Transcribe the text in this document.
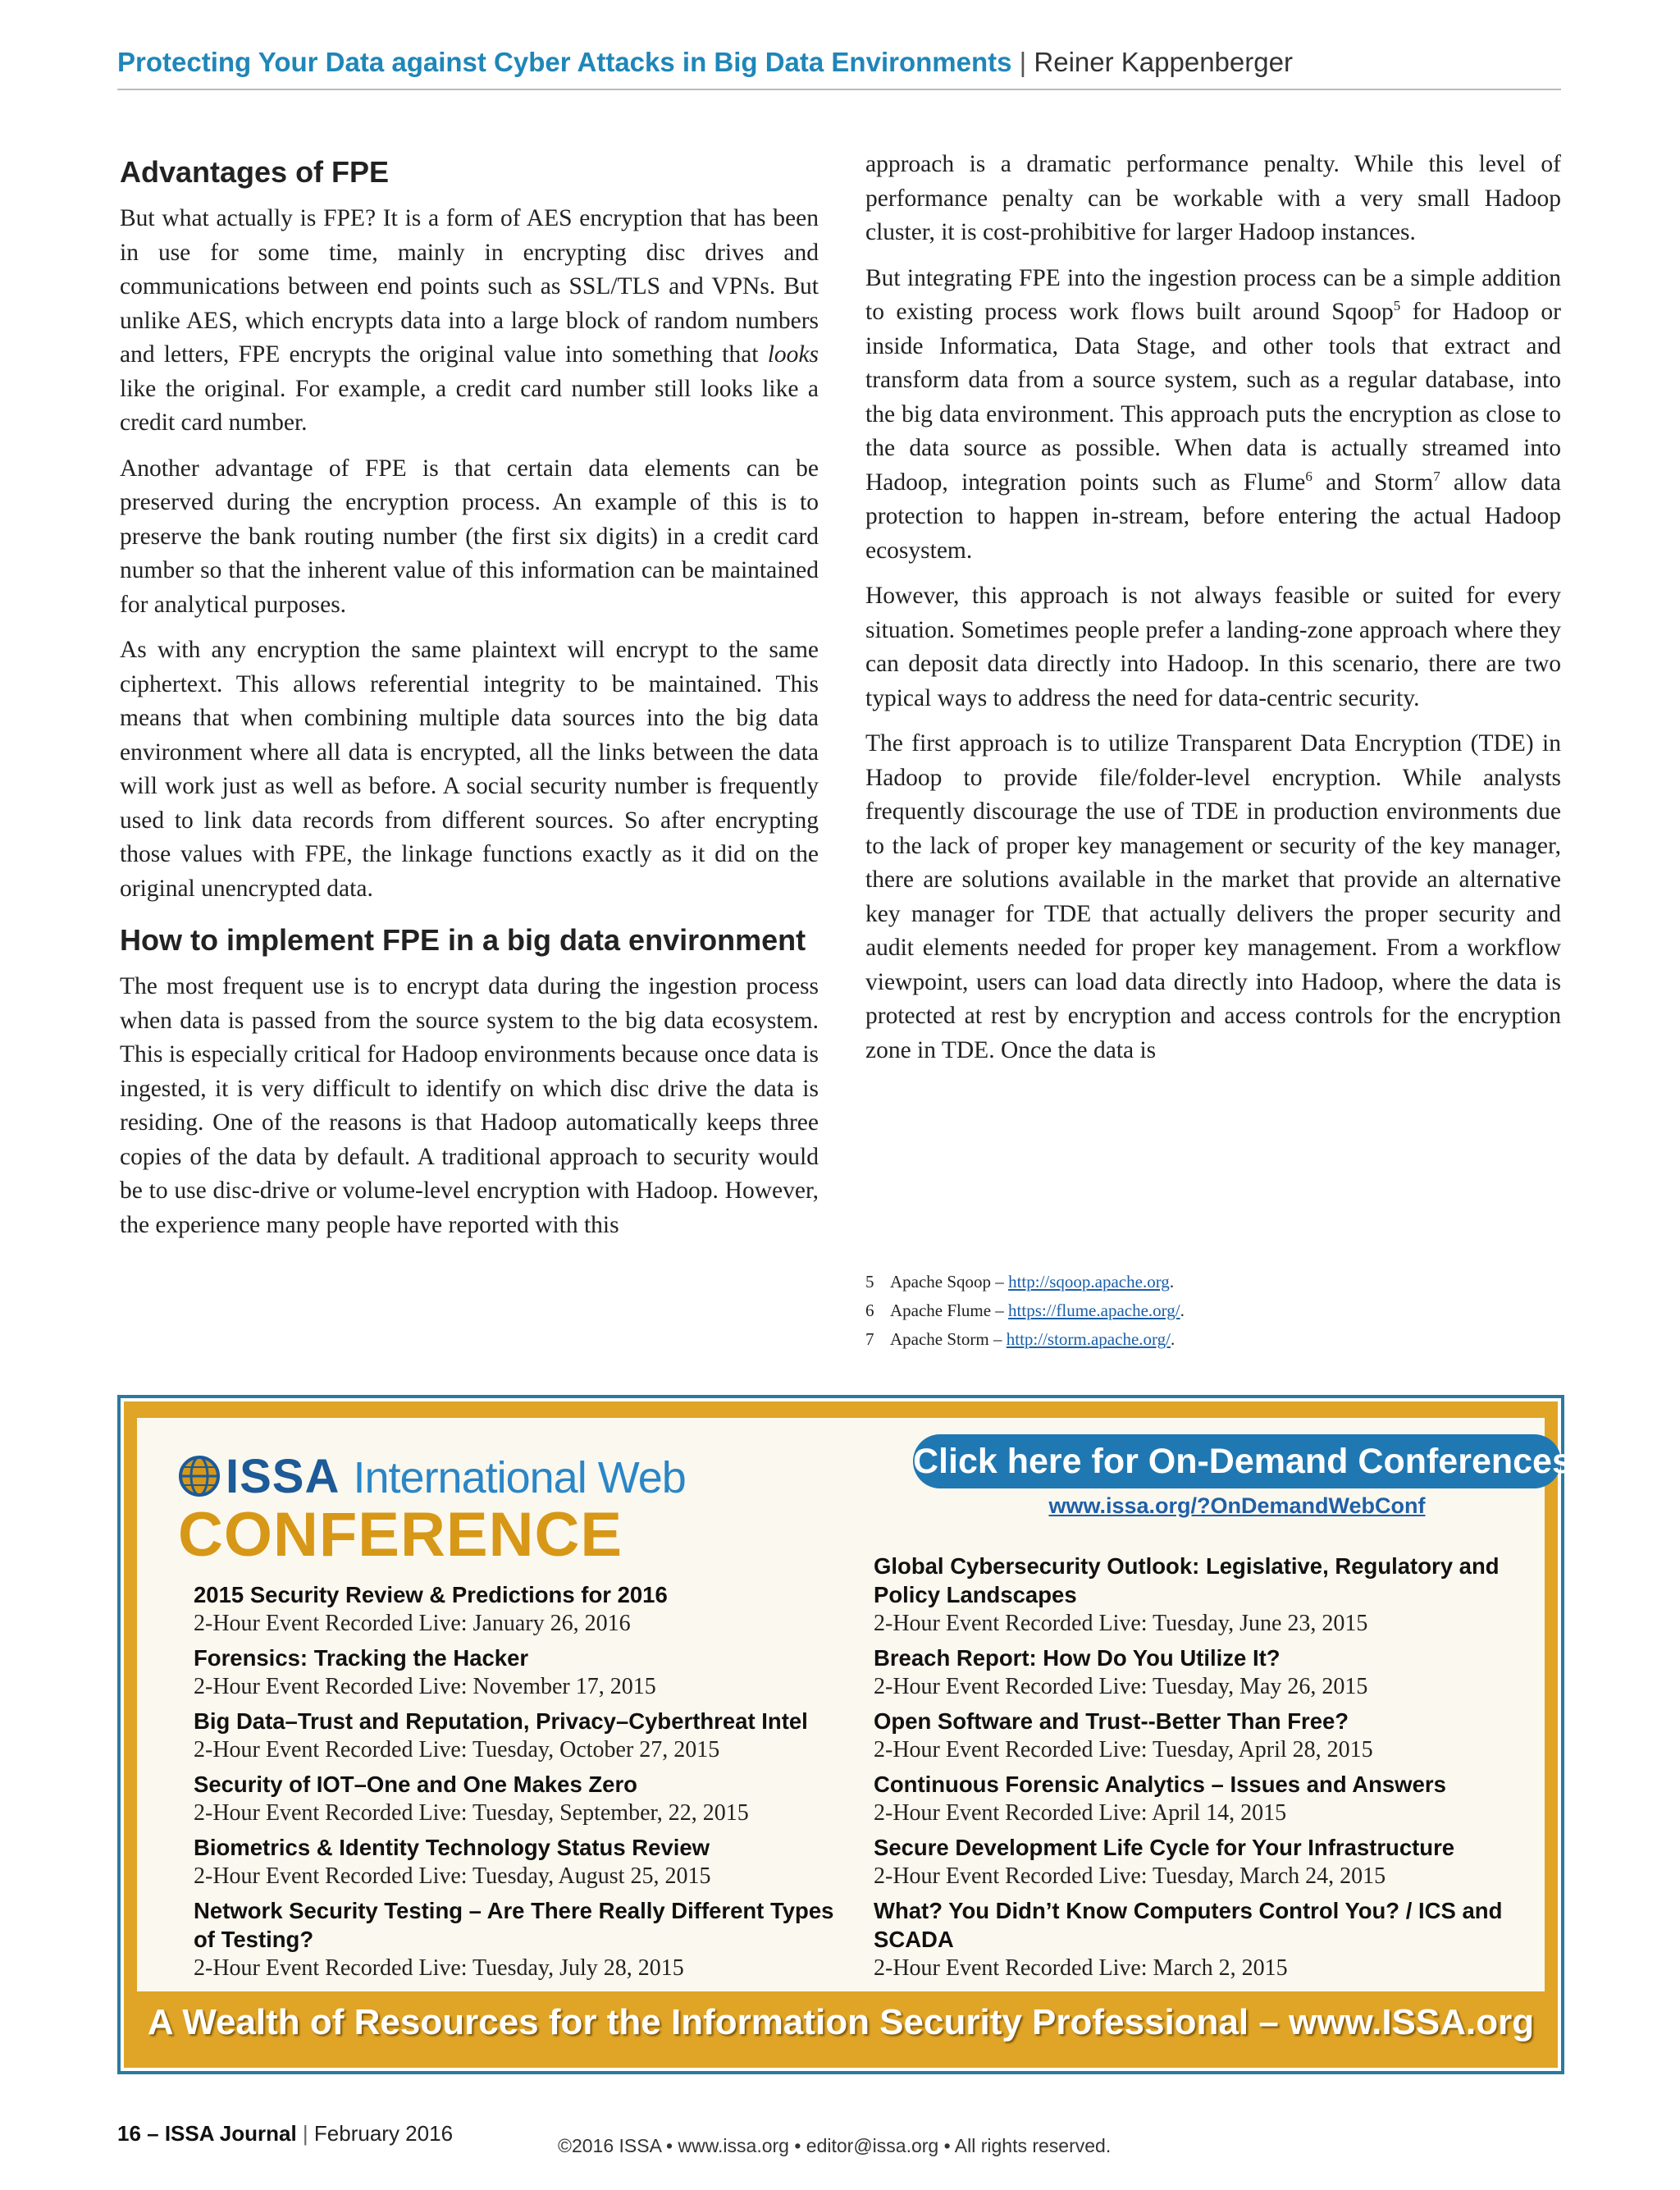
Protecting Your Data against Cyber Attacks in Big Data Environments | Reiner Kappenberger
Advantages of FPE

But what actually is FPE? It is a form of AES encryption that has been in use for some time, mainly in encrypting disc drives and communications between end points such as SSL/TLS and VPNs. But unlike AES, which encrypts data into a large block of random numbers and letters, FPE encrypts the original value into something that looks like the original. For example, a credit card number still looks like a credit card number.

Another advantage of FPE is that certain data elements can be preserved during the encryption process. An example of this is to preserve the bank routing number (the first six digits) in a credit card number so that the inherent value of this information can be maintained for analytical purposes.

As with any encryption the same plaintext will encrypt to the same ciphertext. This allows referential integrity to be maintained. This means that when combining multiple data sources into the big data environment where all data is encrypted, all the links between the data will work just as well as before. A social security number is frequently used to link data records from different sources. So after encrypting those values with FPE, the linkage functions exactly as it did on the original unencrypted data.

How to implement FPE in a big data environment

The most frequent use is to encrypt data during the ingestion process when data is passed from the source system to the big data ecosystem. This is especially critical for Hadoop environments because once data is ingested, it is very difficult to identify on which disc drive the data is residing. One of the reasons is that Hadoop automatically keeps three copies of the data by default. A traditional approach to security would be to use disc-drive or volume-level encryption with Hadoop. However, the experience many people have reported with this

approach is a dramatic performance penalty. While this level of performance penalty can be workable with a very small Hadoop cluster, it is cost-prohibitive for larger Hadoop instances.

But integrating FPE into the ingestion process can be a simple addition to existing process work flows built around Sqoop$^5$ for Hadoop or inside Informatica, Data Stage, and other tools that extract and transform data from a source system, such as a regular database, into the big data environment. This approach puts the encryption as close to the data source as possible. When data is actually streamed into Hadoop, integration points such as Flume$^6$ and Storm$^7$ allow data protection to happen in-stream, before entering the actual Hadoop ecosystem.

However, this approach is not always feasible or suited for every situation. Sometimes people prefer a landing-zone approach where they can deposit data directly into Hadoop. In this scenario, there are two typical ways to address the need for data-centric security.

The first approach is to utilize Transparent Data Encryption (TDE) in Hadoop to provide file/folder-level encryption. While analysts frequently discourage the use of TDE in production environments due to the lack of proper key management or security of the key manager, there are solutions available in the market that provide an alternative key manager for TDE that actually delivers the proper security and audit elements needed for proper key management. From a workflow viewpoint, users can load data directly into Hadoop, where the data is protected at rest by encryption and access controls for the encryption zone in TDE. Once the data is

5 Apache Sqoop – http://sqoop.apache.org.
6 Apache Flume – https://flume.apache.org/.
7 Apache Storm – http://storm.apache.org/.
ISSA International Web
CONFERENCE
Click here for On-Demand Conferences
www.issa.org/?OnDemandWebConf
2015 Security Review & Predictions for 2016
2-Hour Event Recorded Live: January 26, 2016
Forensics: Tracking the Hacker
2-Hour Event Recorded Live: November 17, 2015
Big Data–Trust and Reputation, Privacy–Cyberthreat Intel
2-Hour Event Recorded Live: Tuesday, October 27, 2015
Security of IOT–One and One Makes Zero
2-Hour Event Recorded Live: Tuesday, September, 22, 2015
Biometrics & Identity Technology Status Review
2-Hour Event Recorded Live: Tuesday, August 25, 2015
Network Security Testing – Are There Really Different Types of Testing?
2-Hour Event Recorded Live: Tuesday, July 28, 2015
Global Cybersecurity Outlook: Legislative, Regulatory and Policy Landscapes
2-Hour Event Recorded Live: Tuesday, June 23, 2015
Breach Report: How Do You Utilize It?
2-Hour Event Recorded Live: Tuesday, May 26, 2015
Open Software and Trust--Better Than Free?
2-Hour Event Recorded Live: Tuesday, April 28, 2015
Continuous Forensic Analytics – Issues and Answers
2-Hour Event Recorded Live: April 14, 2015
Secure Development Life Cycle for Your Infrastructure
2-Hour Event Recorded Live: Tuesday, March 24, 2015
What? You Didn’t Know Computers Control You? / ICS and SCADA
2-Hour Event Recorded Live: March 2, 2015
A Wealth of Resources for the Information Security Professional – www.ISSA.org
16 – ISSA Journal | February 2016	©2016 ISSA • www.issa.org • editor@issa.org • All rights reserved.
